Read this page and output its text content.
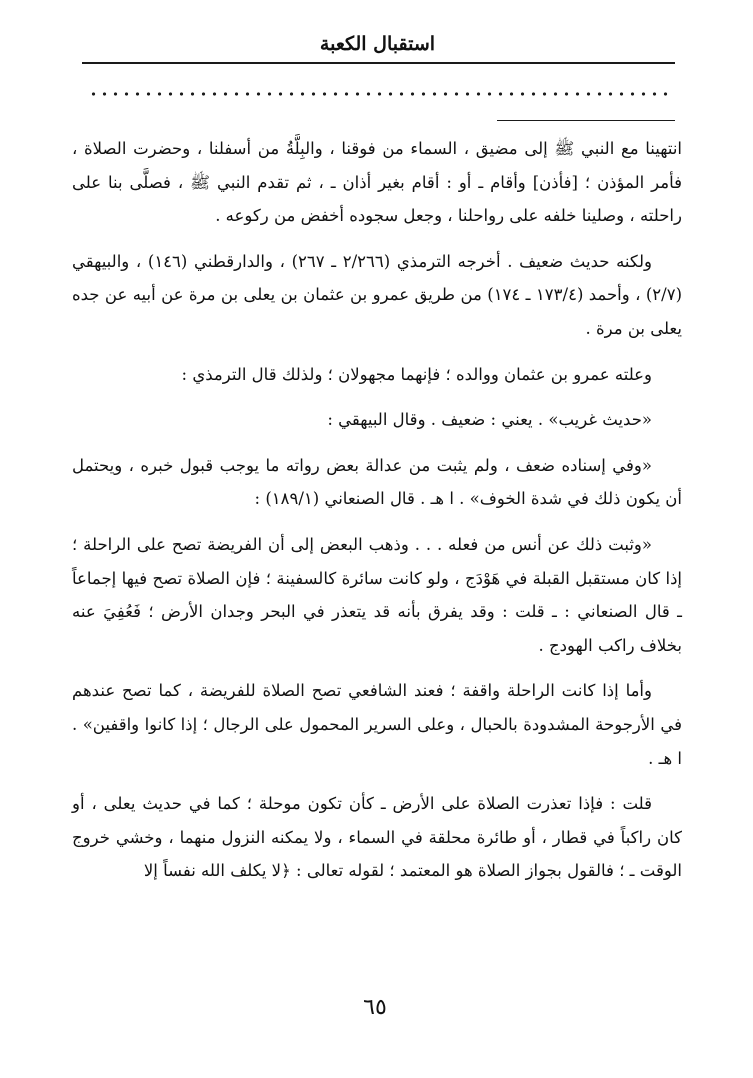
استقبال الكعبة

انتهينا مع النبي ﷺ إلى مضيق ، السماء من فوقنا ، والبِلَّةُ من أسفلنا ، وحضرت الصلاة ، فأمر المؤذن ؛ [فأذن] وأقام ـ أو : أقام بغير أذان ـ ، ثم تقدم النبي ﷺ ، فصلَّى بنا على راحلته ، وصلينا خلفه على رواحلنا ، وجعل سجوده أخفض من ركوعه .

ولكنه حديث ضعيف . أخرجه الترمذي (٢/٢٦٦ ـ ٢٦٧) ، والدارقطني (١٤٦) ، والبيهقي (٢/٧) ، وأحمد (١٧٣/٤ ـ ١٧٤) من طريق عمرو بن عثمان بن يعلى بن مرة عن أبيه عن جده يعلى بن مرة .

وعلته عمرو بن عثمان ووالده ؛ فإنهما مجهولان ؛ ولذلك قال الترمذي :

«حديث غريب» . يعني : ضعيف . وقال البيهقي :

«وفي إسناده ضعف ، ولم يثبت من عدالة بعض رواته ما يوجب قبول خبره ، ويحتمل أن يكون ذلك في شدة الخوف» . ا هـ . قال الصنعاني (١٨٩/١) :

«وثبت ذلك عن أنس من فعله . . . وذهب البعض إلى أن الفريضة تصح على الراحلة ؛ إذا كان مستقبل القبلة في هَوْدَج ، ولو كانت سائرة كالسفينة ؛ فإن الصلاة تصح فيها إجماعاً ـ قال الصنعاني : ـ قلت : وقد يفرق بأنه قد يتعذر في البحر وجدان الأرض ؛ فَعُفِيَ عنه بخلاف راكب الهودج .

وأما إذا كانت الراحلة واقفة ؛ فعند الشافعي تصح الصلاة للفريضة ، كما تصح عندهم في الأرجوحة المشدودة بالحبال ، وعلى السرير المحمول على الرجال ؛ إذا كانوا واقفين» . ا هـ .

قلت : فإذا تعذرت الصلاة على الأرض ـ كأن تكون موحلة ؛ كما في حديث يعلى ، أو كان راكباً في قطار ، أو طائرة محلقة في السماء ، ولا يمكنه النزول منهما ، وخشي خروج الوقت ـ ؛ فالقول بجواز الصلاة هو المعتمد ؛ لقوله تعالى : ﴿لا يكلف الله نفساً إلا

٦٥
